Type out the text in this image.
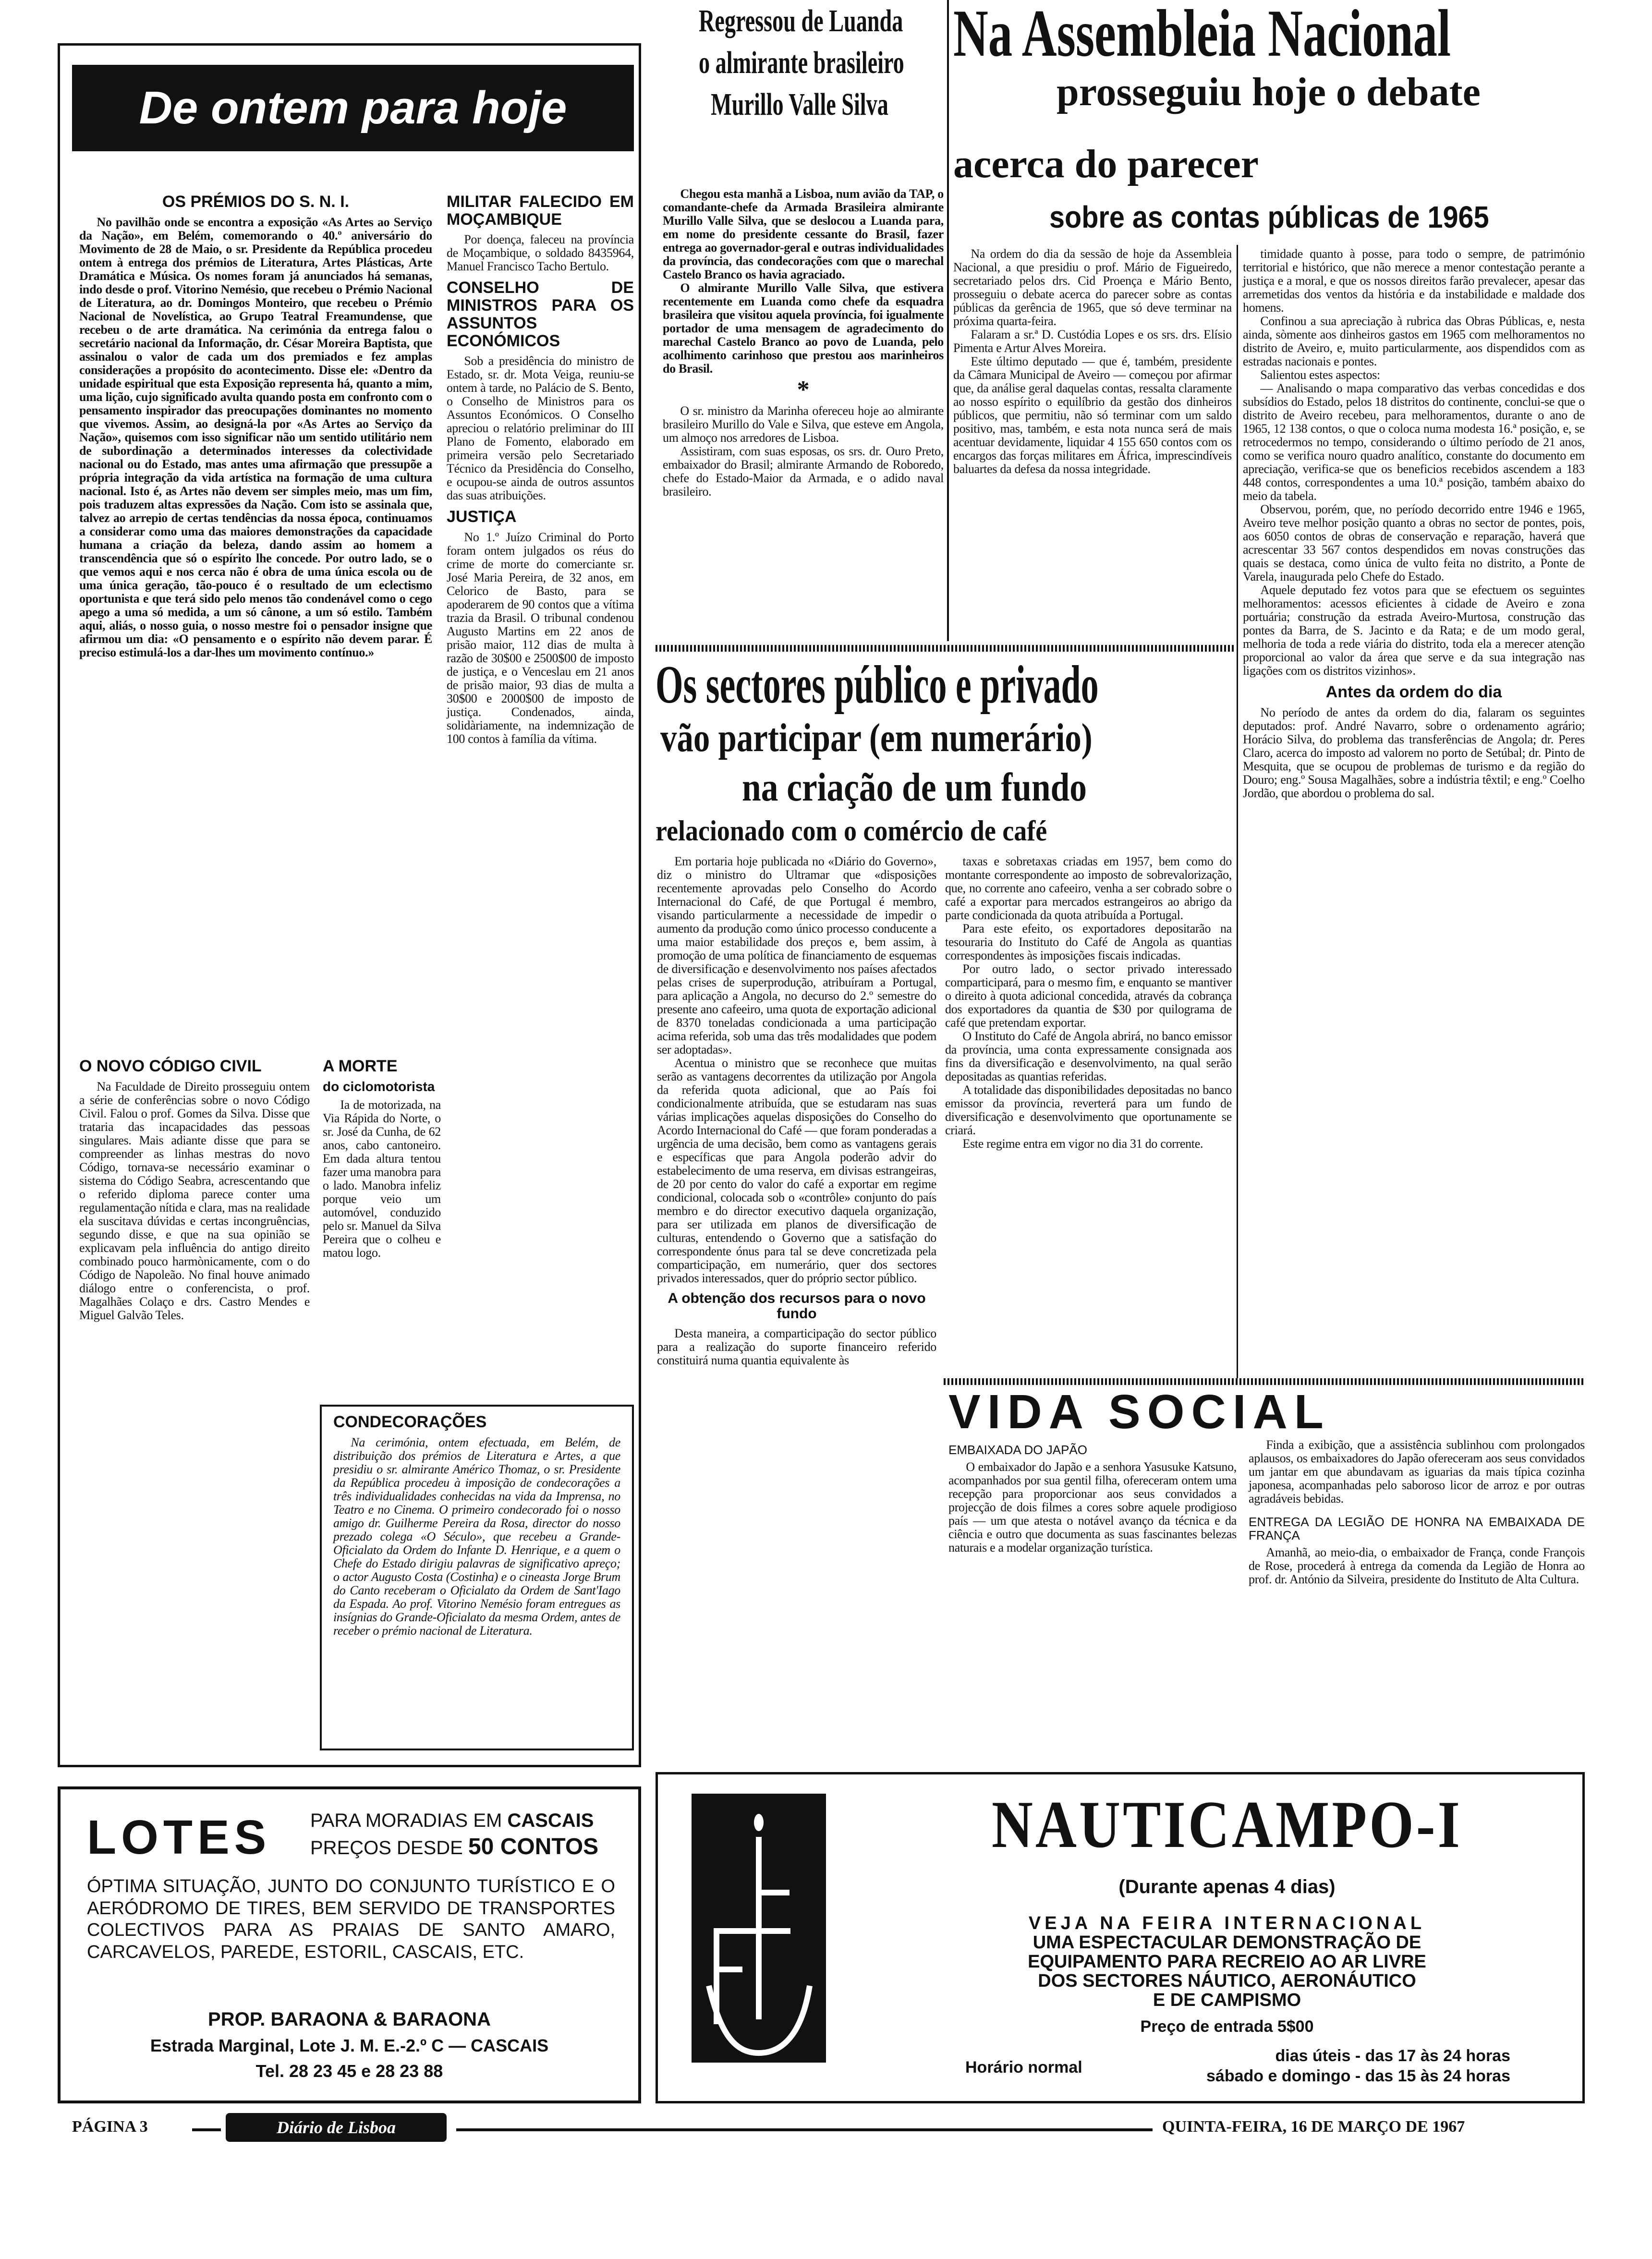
De ontem para hoje
OS PRÉMIOS DO S. N. I.

No pavilhão onde se encontra a exposição «As Artes ao Serviço da Nação», em Belém, comemorando o 40.º aniversário do Movimento de 28 de Maio, o sr. Presidente da República procedeu ontem à entrega dos prémios de Literatura, Artes Plásticas, Arte Dramática e Música. Os nomes foram já anunciados há semanas, indo desde o prof. Vitorino Nemésio, que recebeu o Prémio Nacional de Literatura, ao dr. Domingos Monteiro, que recebeu o Prémio Nacional de Novelística, ao Grupo Teatral Freamundense, que recebeu o de arte dramática. Na cerimónia da entrega falou o secretário nacional da Informação, dr. César Moreira Baptista, que assinalou o valor de cada um dos premiados e fez amplas considerações a propósito do acontecimento. Disse ele: «Dentro da unidade espiritual que esta Exposição representa há, quanto a mim, uma lição, cujo significado avulta quando posta em confronto com o pensamento inspirador das preocupações dominantes no momento que vivemos. Assim, ao designá-la por «As Artes ao Serviço da Nação», quisemos com isso significar não um sentido utilitário nem de subordinação a determinados interesses da colectividade nacional ou do Estado, mas antes uma afirmação que pressupõe a própria integração da vida artística na formação de uma cultura nacional. Isto é, as Artes não devem ser simples meio, mas um fim, pois traduzem altas expressões da Nação. Com isto se assinala que, talvez ao arrepio de certas tendências da nossa época, continuamos a considerar como uma das maiores demonstrações da capacidade humana a criação da beleza, dando assim ao homem a transcendência que só o espírito lhe concede. Por outro lado, se o que vemos aqui e nos cerca não é obra de uma única escola ou de uma única geração, tão-pouco é o resultado de um eclectismo oportunista e que terá sido pelo menos tão condenável como o cego apego a uma só medida, a um só cânone, a um só estilo. Também aqui, aliás, o nosso guia, o nosso mestre foi o pensador insigne que afirmou um dia: «O pensamento e o espírito não devem parar. É preciso estimulá-los a dar-lhes um movimento contínuo.»

MILITAR FALECIDO EM MOÇAMBIQUE

Por doença, faleceu na província de Moçambique, o soldado 8435964, Manuel Francisco Tacho Bertulo.

CONSELHO DE MINISTROS PARA OS ASSUNTOS ECONÓMICOS

Sob a presidência do ministro de Estado, sr. dr. Mota Veiga, reuniu-se ontem à tarde, no Palácio de S. Bento, o Conselho de Ministros para os Assuntos Económicos. O Conselho apreciou o relatório preliminar do III Plano de Fomento, elaborado em primeira versão pelo Secretariado Técnico da Presidência do Conselho, e ocupou-se ainda de outros assuntos das suas atribuições.

JUSTIÇA

No 1.º Juízo Criminal do Porto foram ontem julgados os réus do crime de morte do comerciante sr. José Maria Pereira, de 32 anos, em Celorico de Basto, para se apoderarem de 90 contos que a vítima trazia da Brasil. O tribunal condenou Augusto Martins em 22 anos de prisão maior, 112 dias de multa à razão de 30$00 e 2500$00 de imposto de justiça, e o Venceslau em 21 anos de prisão maior, 93 dias de multa a 30$00 e 2000$00 de imposto de justiça. Condenados, ainda, solidàriamente, na indemnização de 100 contos à família da vítima.

O NOVO CÓDIGO CIVIL

Na Faculdade de Direito prosseguiu ontem a série de conferências sobre o novo Código Civil. Falou o prof. Gomes da Silva. Disse que trataria das incapacidades das pessoas singulares. Mais adiante disse que para se compreender as linhas mestras do novo Código, tornava-se necessário examinar o sistema do Código Seabra, acrescentando que o referido diploma parece conter uma regulamentação nítida e clara, mas na realidade ela suscitava dúvidas e certas incongruências, segundo disse, e que na sua opinião se explicavam pela influência do antigo direito combinado pouco harmònicamente, com o do Código de Napoleão. No final houve animado diálogo entre o conferencista, o prof. Magalhães Colaço e drs. Castro Mendes e Miguel Galvão Teles.

A MORTE
do ciclomotorista

Ia de motorizada, na Via Rápida do Norte, o sr. José da Cunha, de 62 anos, cabo cantoneiro. Em dada altura tentou fazer uma manobra para o lado. Manobra infeliz porque veio um automóvel, conduzido pelo sr. Manuel da Silva Pereira que o colheu e matou logo.

CONDECORAÇÕES

Na cerimónia, ontem efectuada, em Belém, de distribuição dos prémios de Literatura e Artes, a que presidiu o sr. almirante Américo Thomaz, o sr. Presidente da República procedeu à imposição de condecorações a três individualidades conhecidas na vida da Imprensa, no Teatro e no Cinema. O primeiro condecorado foi o nosso amigo dr. Guilherme Pereira da Rosa, director do nosso prezado colega «O Século», que recebeu a Grande-Oficialato da Ordem do Infante D. Henrique, e a quem o Chefe do Estado dirigiu palavras de significativo apreço; o actor Augusto Costa (Costinha) e o cineasta Jorge Brum do Canto receberam o Oficialato da Ordem de Sant'Iago da Espada. Ao prof. Vitorino Nemésio foram entregues as insígnias do Grande-Oficialato da mesma Ordem, antes de receber o prémio nacional de Literatura.

Regressou de Luanda
o almirante brasileiro
Murillo Valle Silva

Chegou esta manhã a Lisboa, num avião da TAP, o comandante-chefe da Armada Brasileira almirante Murillo Valle Silva, que se deslocou a Luanda para, em nome do presidente cessante do Brasil, fazer entrega ao governador-geral e outras individualidades da província, das condecorações com que o marechal Castelo Branco os havia agraciado.

O almirante Murillo Valle Silva, que estivera recentemente em Luanda como chefe da esquadra brasileira que visitou aquela província, foi igualmente portador de uma mensagem de agradecimento do marechal Castelo Branco ao povo de Luanda, pelo acolhimento carinhoso que prestou aos marinheiros do Brasil.

*

O sr. ministro da Marinha ofereceu hoje ao almirante brasileiro Murillo do Vale e Silva, que esteve em Angola, um almoço nos arredores de Lisboa.

Assistiram, com suas esposas, os srs. dr. Ouro Preto, embaixador do Brasil; almirante Armando de Roboredo, chefe do Estado-Maior da Armada, e o adido naval brasileiro.

Na Assembleia Nacional
prosseguiu hoje o debate
acerca do parecer
sobre as contas públicas de 1965

Na ordem do dia da sessão de hoje da Assembleia Nacional, a que presidiu o prof. Mário de Figueiredo, secretariado pelos drs. Cid Proença e Mário Bento, prosseguiu o debate acerca do parecer sobre as contas públicas da gerência de 1965, que só deve terminar na próxima quarta-feira.

Falaram a sr.ª D. Custódia Lopes e os srs. drs. Elísio Pimenta e Artur Alves Moreira.

Este último deputado — que é, também, presidente da Câmara Municipal de Aveiro — começou por afirmar que, da análise geral daquelas contas, ressalta claramente ao nosso espírito o equilíbrio da gestão dos dinheiros públicos, que permitiu, não só terminar com um saldo positivo, mas, também, e esta nota nunca será de mais acentuar devidamente, liquidar 4 155 650 contos com os encargos das forças militares em África, imprescindíveis baluartes da defesa da nossa integridade.

timidade quanto à posse, para todo o sempre, de património territorial e histórico, que não merece a menor contestação perante a justiça e a moral, e que os nossos direitos farão prevalecer, apesar das arremetidas dos ventos da história e da instabilidade e maldade dos homens.

Confinou a sua apreciação à rubrica das Obras Públicas, e, nesta ainda, sòmente aos dinheiros gastos em 1965 com melhoramentos no distrito de Aveiro, e, muito particularmente, aos dispendidos com as estradas nacionais e pontes.

Salientou estes aspectos:

— Analisando o mapa comparativo das verbas concedidas e dos subsídios do Estado, pelos 18 distritos do continente, conclui-se que o distrito de Aveiro recebeu, para melhoramentos, durante o ano de 1965, 12 138 contos, o que o coloca numa modesta 16.ª posição, e, se retrocedermos no tempo, considerando o último período de 21 anos, como se verifica nouro quadro analítico, constante do documento em apreciação, verifica-se que os beneficios recebidos ascendem a 183 448 contos, correspondentes a uma 10.ª posição, também abaixo do meio da tabela.

Observou, porém, que, no período decorrido entre 1946 e 1965, Aveiro teve melhor posição quanto a obras no sector de pontes, pois, aos 6050 contos de obras de conservação e reparação, haverá que acrescentar 33 567 contos despendidos em novas construções das quais se destaca, como única de vulto feita no distrito, a Ponte de Varela, inaugurada pelo Chefe do Estado.

Aquele deputado fez votos para que se efectuem os seguintes melhoramentos: acessos eficientes à cidade de Aveiro e zona portuária; construção da estrada Aveiro-Murtosa, construção das pontes da Barra, de S. Jacinto e da Rata; e de um modo geral, melhoria de toda a rede viária do distrito, toda ela a merecer atenção proporcional ao valor da área que serve e da sua integração nas ligações com os distritos vizinhos».

Antes da ordem do dia

No período de antes da ordem do dia, falaram os seguintes deputados: prof. André Navarro, sobre o ordenamento agrário; Horácio Silva, do problema das transferências de Angola; dr. Peres Claro, acerca do imposto ad valorem no porto de Setúbal; dr. Pinto de Mesquita, que se ocupou de problemas de turismo e da região do Douro; eng.º Sousa Magalhães, sobre a indústria têxtil; e eng.º Coelho Jordão, que abordou o problema do sal.

Os sectores público e privado
vão participar (em numerário)
na criação de um fundo
relacionado com o comércio de café

Em portaria hoje publicada no «Diário do Governo», diz o ministro do Ultramar que «disposições recentemente aprovadas pelo Conselho do Acordo Internacional do Café, de que Portugal é membro, visando particularmente a necessidade de impedir o aumento da produção como único processo conducente a uma maior estabilidade dos preços e, bem assim, à promoção de uma política de financiamento de esquemas de diversificação e desenvolvimento nos países afectados pelas crises de superprodução, atribuíram a Portugal, para aplicação a Angola, no decurso do 2.º semestre do presente ano cafeeiro, uma quota de exportação adicional de 8370 toneladas condicionada a uma participação acima referida, sob uma das três modalidades que podem ser adoptadas».

Acentua o ministro que se reconhece que muitas serão as vantagens decorrentes da utilização por Angola da referida quota adicional, que ao País foi condicionalmente atribuída, que se estudaram nas suas várias implicações aquelas disposições do Conselho do Acordo Internacional do Café — que foram ponderadas a urgência de uma decisão, bem como as vantagens gerais e específicas que para Angola poderão advir do estabelecimento de uma reserva, em divisas estrangeiras, de 20 por cento do valor do café a exportar em regime condicional, colocada sob o «contrôle» conjunto do país membro e do director executivo daquela organização, para ser utilizada em planos de diversificação de culturas, entendendo o Governo que a satisfação do correspondente ónus para tal se deve concretizada pela comparticipação, em numerário, quer dos sectores privados interessados, quer do próprio sector público.

A obtenção dos recursos para o novo fundo

Desta maneira, a comparticipação do sector público para a realização do suporte financeiro referido constituirá numa quantia equivalente às

taxas e sobretaxas criadas em 1957, bem como do montante correspondente ao imposto de sobrevalorização, que, no corrente ano cafeeiro, venha a ser cobrado sobre o café a exportar para mercados estrangeiros ao abrigo da parte condicionada da quota atribuída a Portugal.

Para este efeito, os exportadores depositarão na tesouraria do Instituto do Café de Angola as quantias correspondentes às imposições fiscais indicadas.

Por outro lado, o sector privado interessado comparticipará, para o mesmo fim, e enquanto se mantiver o direito à quota adicional concedida, através da cobrança dos exportadores da quantia de $30 por quilograma de café que pretendam exportar.

O Instituto do Café de Angola abrirá, no banco emissor da província, uma conta expressamente consignada aos fins da diversificação e desenvolvimento, na qual serão depositadas as quantias referidas.

A totalidade das disponibilidades depositadas no banco emissor da província, reverterá para um fundo de diversificação e desenvolvimento que oportunamente se criará.

Este regime entra em vigor no dia 31 do corrente.

VIDA SOCIAL
EMBAIXADA DO JAPÃO

O embaixador do Japão e a senhora Yasusuke Katsuno, acompanhados por sua gentil filha, ofereceram ontem uma recepção para proporcionar aos seus convidados a projecção de dois filmes a cores sobre aquele prodigioso país — um que atesta o notável avanço da técnica e da ciência e outro que documenta as suas fascinantes belezas naturais e a modelar organização turística.

Finda a exibição, que a assistência sublinhou com prolongados aplausos, os embaixadores do Japão ofereceram aos seus convidados um jantar em que abundavam as iguarias da mais típica cozinha japonesa, acompanhadas pelo saboroso licor de arroz e por outras agradáveis bebidas.

ENTREGA DA LEGIÃO DE HONRA NA EMBAIXADA DE FRANÇA

Amanhã, ao meio-dia, o embaixador de França, conde François de Rose, procederá à entrega da comenda da Legião de Honra ao prof. dr. António da Silveira, presidente do Instituto de Alta Cultura.

NAUTICAMPO-I
(Durante apenas 4 dias)
VEJA NA FEIRA INTERNACIONAL
UMA ESPECTACULAR DEMONSTRAÇÃO DE
EQUIPAMENTO PARA RECREIO AO AR LIVRE
DOS SECTORES NÁUTICO, AERONÁUTICO
E DE CAMPISMO
Preço de entrada 5$00
Horário normal
dias úteis - das 17 às 24 horas
sábado e domingo - das 15 às 24 horas
LOTES PARA MORADIAS EM CASCAIS
PREÇOS DESDE 50 CONTOS
ÓPTIMA SITUAÇÃO, JUNTO DO CONJUNTO TURÍSTICO E O AERÓDROMO DE TIRES, BEM SERVIDO DE TRANSPORTES COLECTIVOS PARA AS PRAIAS DE SANTO AMARO, CARCAVELOS, PAREDE, ESTORIL, CASCAIS, ETC.
PROP. BARAONA & BARAONA
Estrada Marginal, Lote J. M. E.-2.º C — CASCAIS
Tel. 28 23 45 e 28 23 88
PÁGINA 3	Diário de Lisboa	QUINTA-FEIRA, 16 DE MARÇO DE 1967
